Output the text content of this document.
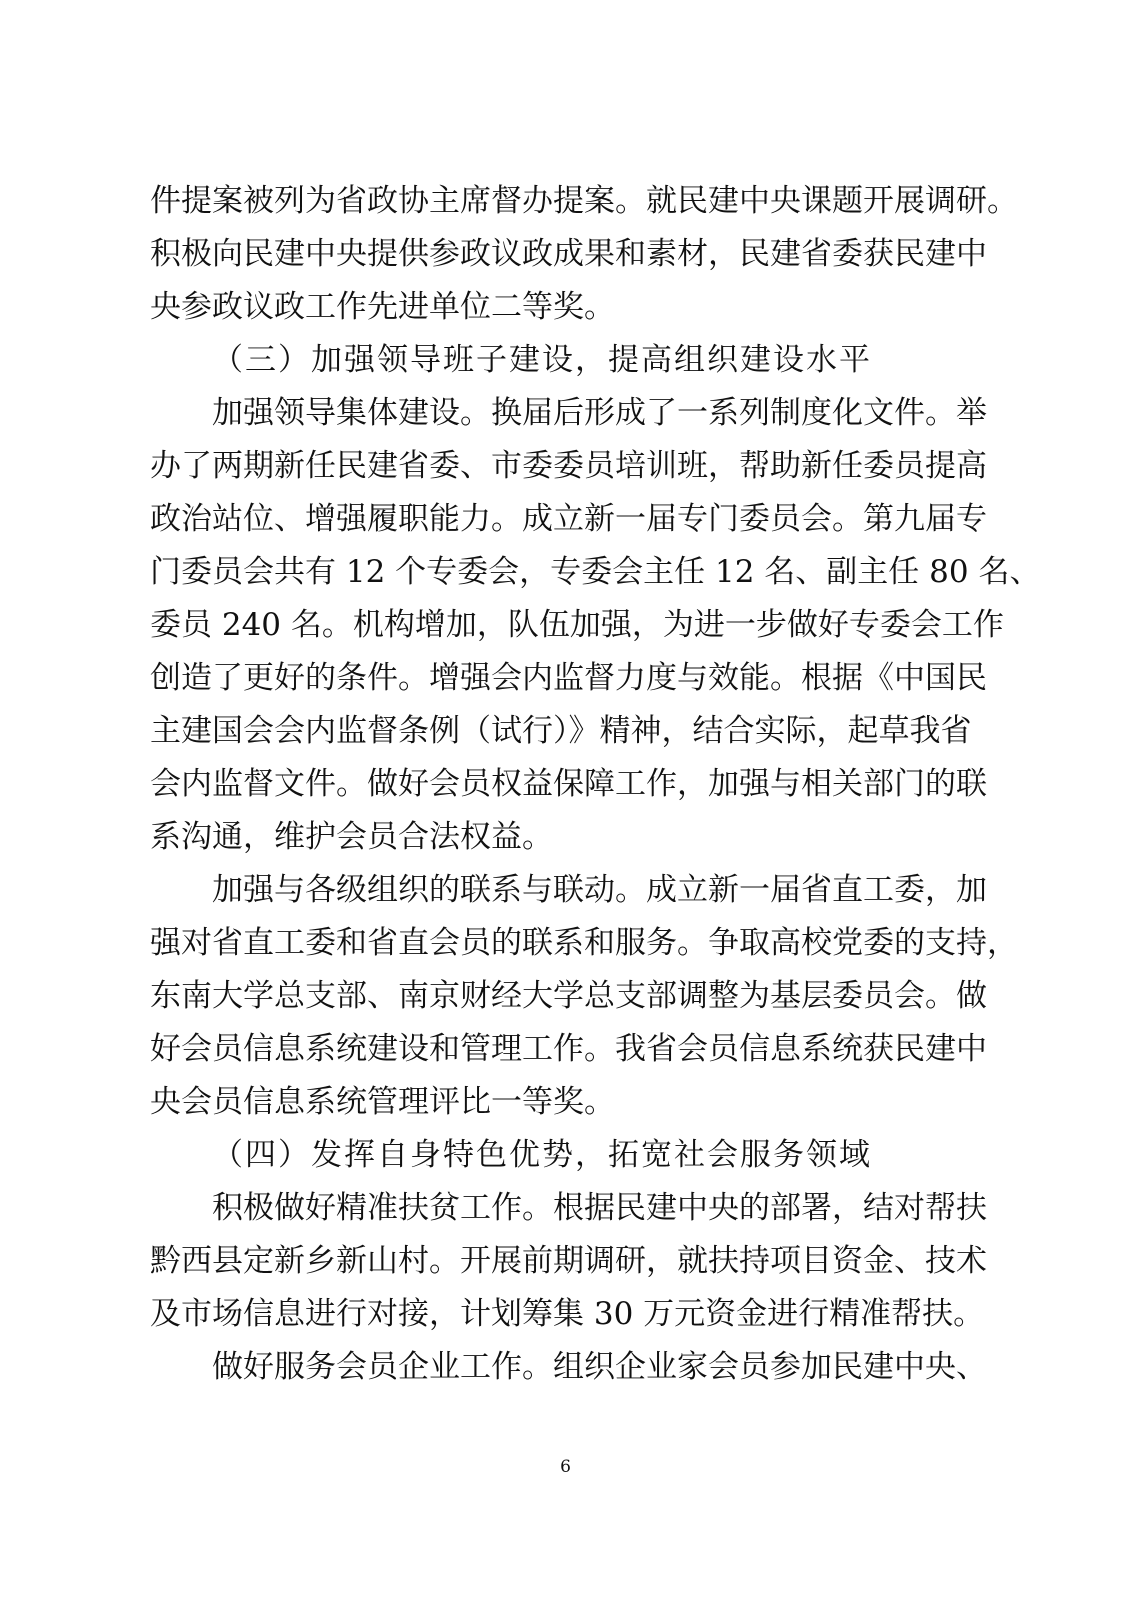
件提案被列为省政协主席督办提案。就民建中央课题开展调研。
积极向民建中央提供参政议政成果和素材，民建省委获民建中
央参政议政工作先进单位二等奖。
（三）加强领导班子建设，提高组织建设水平
加强领导集体建设。换届后形成了一系列制度化文件。举
办了两期新任民建省委、市委委员培训班，帮助新任委员提高
政治站位、增强履职能力。成立新一届专门委员会。第九届专
门委员会共有 12 个专委会，专委会主任 12 名、副主任 80 名、
委员 240 名。机构增加，队伍加强，为进一步做好专委会工作
创造了更好的条件。增强会内监督力度与效能。根据《中国民
主建国会会内监督条例（试行）》精神，结合实际，起草我省
会内监督文件。做好会员权益保障工作，加强与相关部门的联
系沟通，维护会员合法权益。
加强与各级组织的联系与联动。成立新一届省直工委，加
强对省直工委和省直会员的联系和服务。争取高校党委的支持，
东南大学总支部、南京财经大学总支部调整为基层委员会。做
好会员信息系统建设和管理工作。我省会员信息系统获民建中
央会员信息系统管理评比一等奖。
（四）发挥自身特色优势，拓宽社会服务领域
积极做好精准扶贫工作。根据民建中央的部署，结对帮扶
黔西县定新乡新山村。开展前期调研，就扶持项目资金、技术
及市场信息进行对接，计划筹集 30 万元资金进行精准帮扶。
做好服务会员企业工作。组织企业家会员参加民建中央、
6
